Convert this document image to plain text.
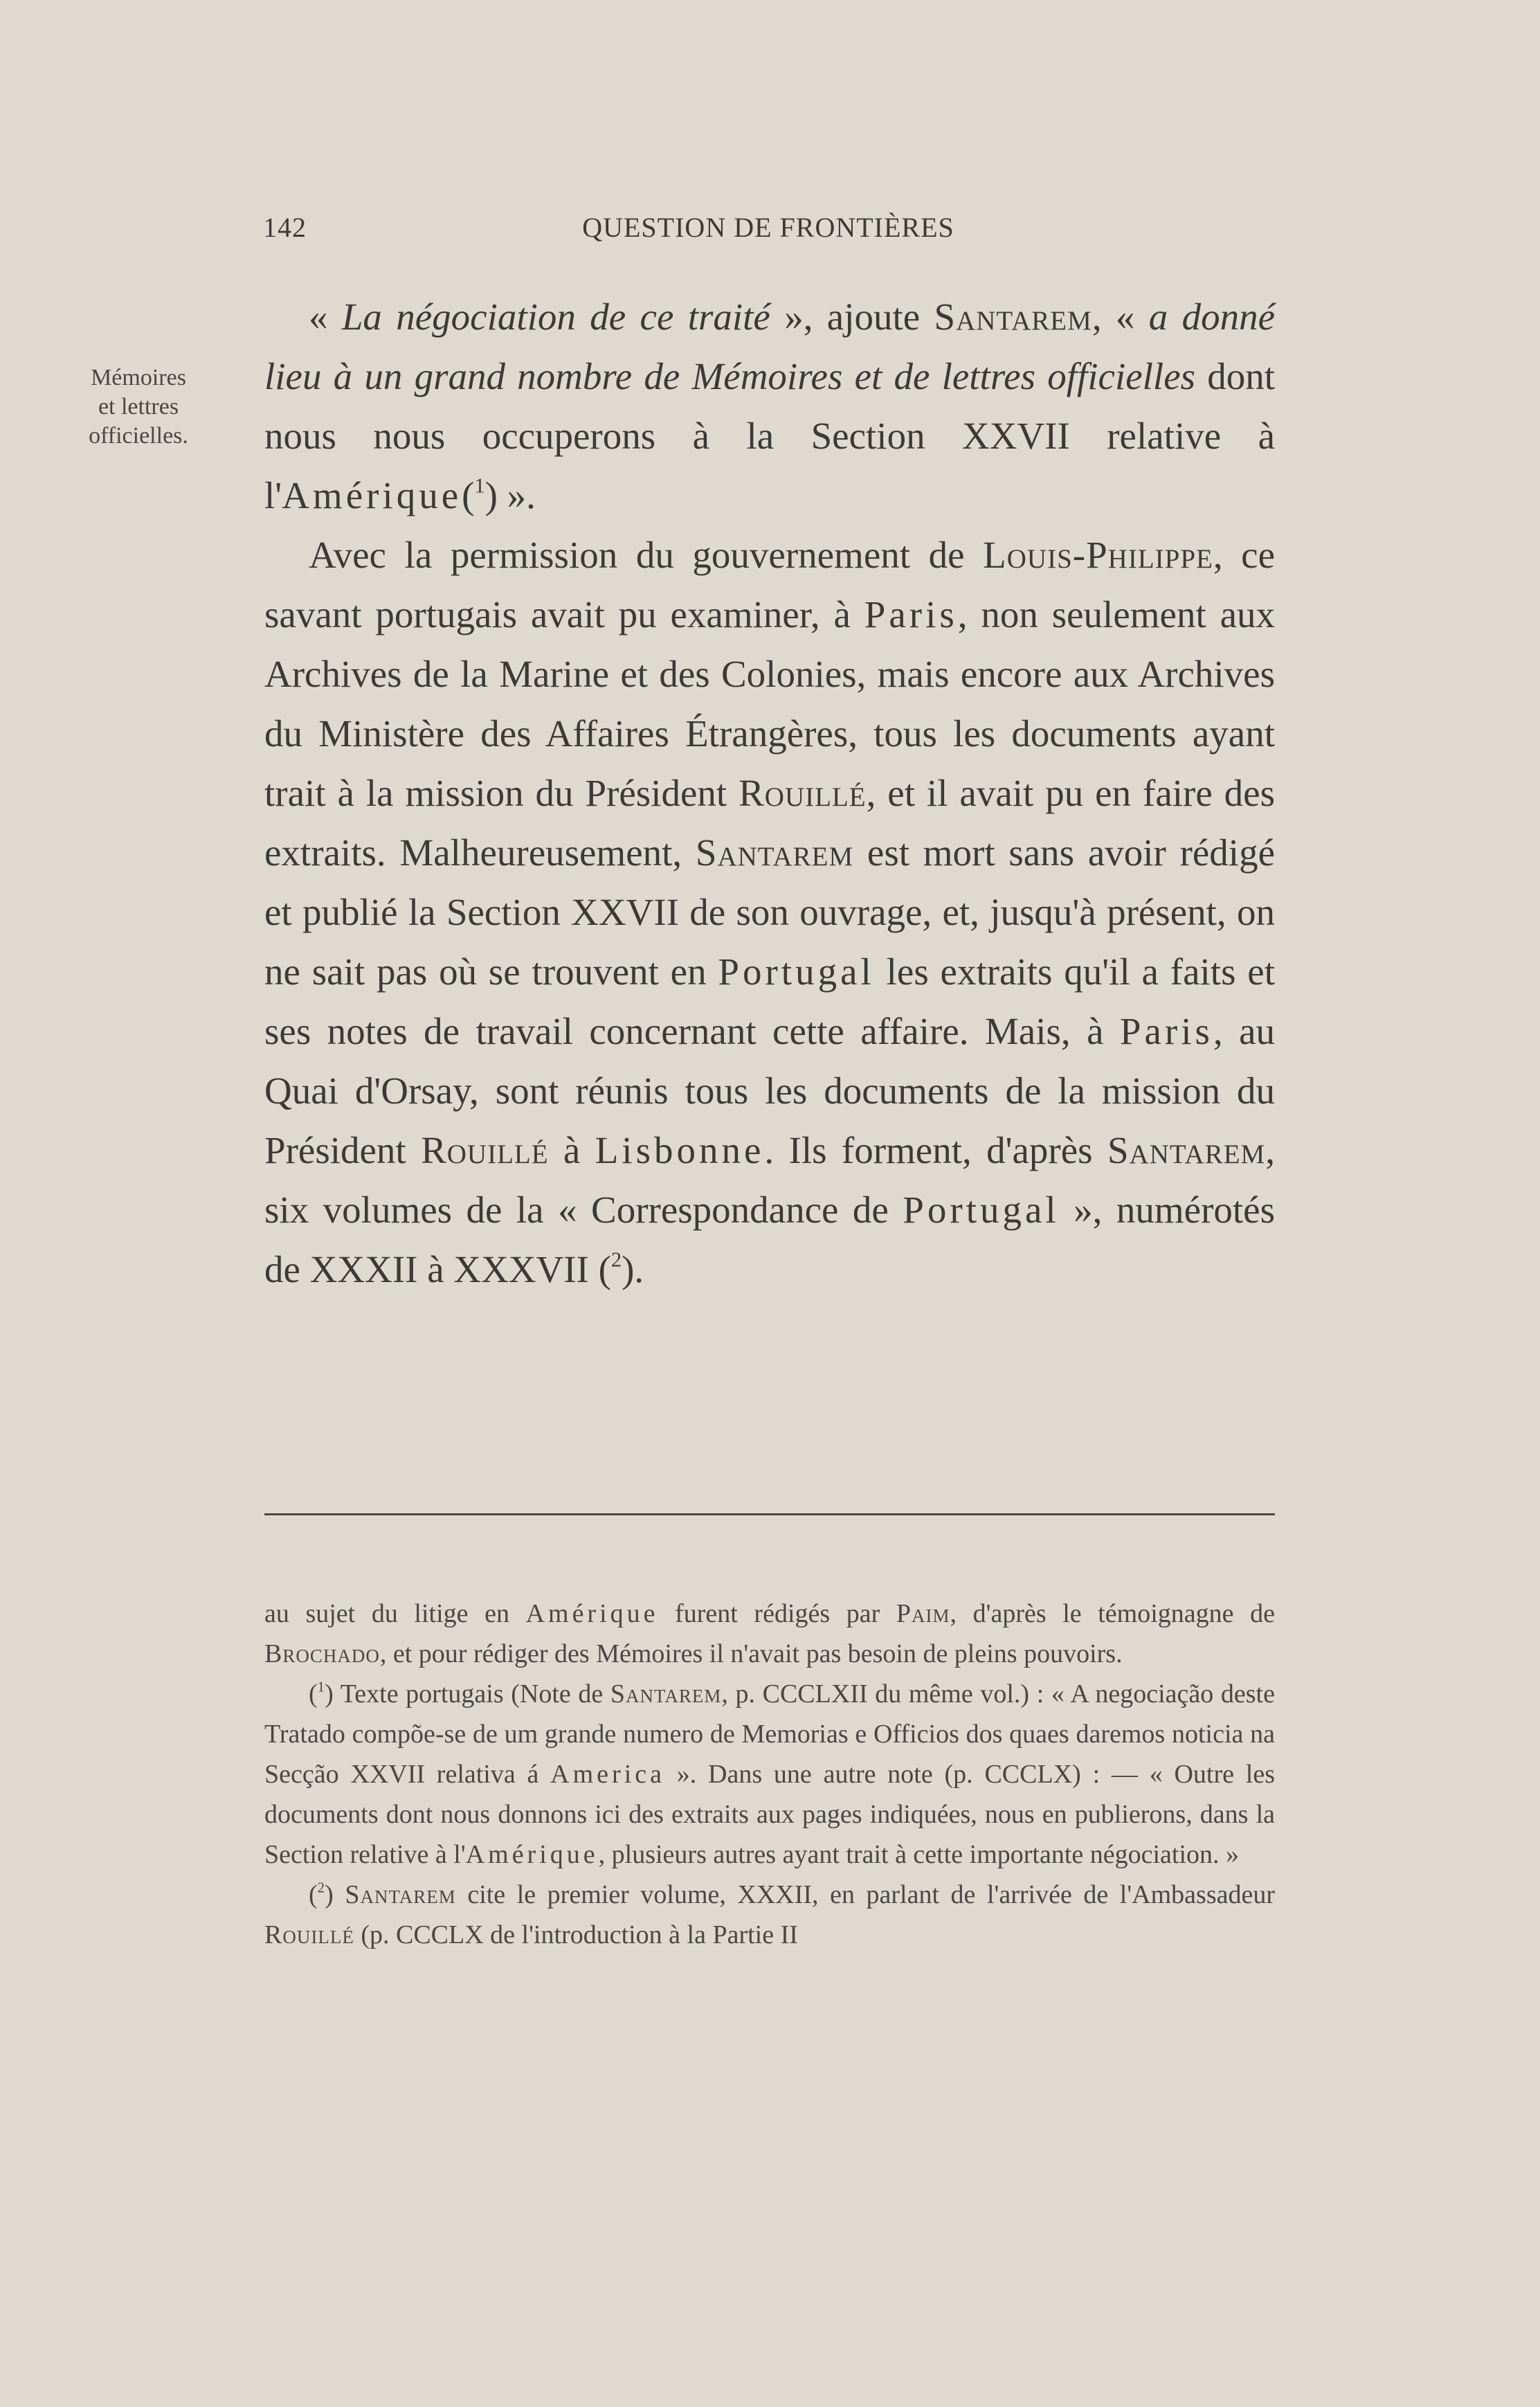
142	QUESTION DE FRONTIÈRES
Mémoires
et lettres
officielles.

« La négociation de ce traité », ajoute Santarem, « a donné lieu à un grand nombre de Mémoires et de lettres officielles dont nous nous occuperons à la Section XXVII relative à l'Amérique($^1$) ».

Avec la permission du gouvernement de Louis-Philippe, ce savant portugais avait pu examiner, à Paris, non seulement aux Archives de la Marine et des Colonies, mais encore aux Archives du Ministère des Affaires Étrangères, tous les documents ayant trait à la mission du Président Rouillé, et il avait pu en faire des extraits. Malheureusement, Santarem est mort sans avoir rédigé et publié la Section XXVII de son ouvrage, et, jusqu'à présent, on ne sait pas où se trouvent en Portugal les extraits qu'il a faits et ses notes de travail concernant cette affaire. Mais, à Paris, au Quai d'Orsay, sont réunis tous les documents de la mission du Président Rouillé à Lisbonne. Ils forment, d'après Santarem, six volumes de la « Correspondance de Portugal », numérotés de XXXII à XXXVII ($^2$).

au sujet du litige en Amérique furent rédigés par Paim, d'après le témoignagne de Brochado, et pour rédiger des Mémoires il n'avait pas besoin de pleins pouvoirs.

($^1$) Texte portugais (Note de Santarem, p. CCCLXII du même vol.) : « A negociação deste Tratado compõe-se de um grande numero de Memorias e Officios dos quaes daremos noticia na Secção XXVII relativa á America ». Dans une autre note (p. CCCLX) : — « Outre les documents dont nous donnons ici des extraits aux pages indiquées, nous en publierons, dans la Section relative à l'Amérique, plusieurs autres ayant trait à cette importante négociation. »

($^2$) Santarem cite le premier volume, XXXII, en parlant de l'arrivée de l'Ambassadeur Rouillé (p. CCCLX de l'introduction à la Partie II
